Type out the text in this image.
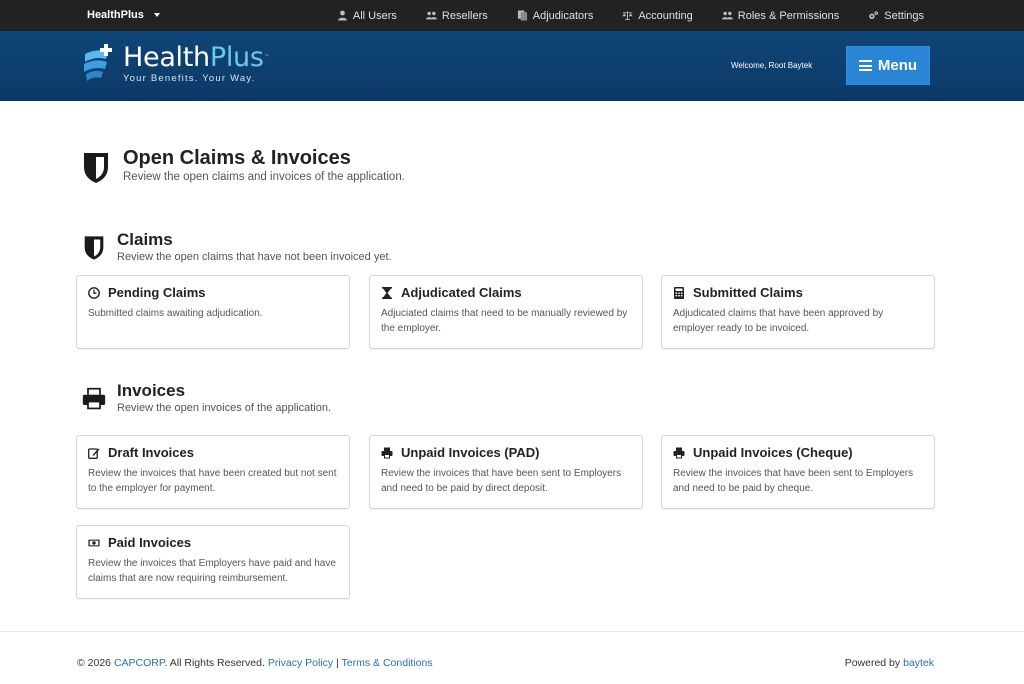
HealthPlus	All Users	Resellers	Adjudicators	Accounting	Roles & Permissions	Settings
HealthPlus™
Your Benefits. Your Way.
Welcome, Root Baytek	Menu
Open Claims & Invoices
Review the open claims and invoices of the application.
Claims
Review the open claims that have not been invoiced yet.
Pending Claims
Submitted claims awaiting adjudication.
Adjudicated Claims
Adjuciated claims that need to be manually reviewed by the employer.
Submitted Claims
Adjudicated claims that have been approved by employer ready to be invoiced.
Invoices
Review the open invoices of the application.
Draft Invoices
Review the invoices that have been created but not sent to the employer for payment.
Unpaid Invoices (PAD)
Review the invoices that have been sent to Employers and need to be paid by direct deposit.
Unpaid Invoices (Cheque)
Review the invoices that have been sent to Employers and need to be paid by cheque.
Paid Invoices
Review the invoices that Employers have paid and have claims that are now requiring reimbursement.
© 2026 CAPCORP. All Rights Reserved. Privacy Policy | Terms & Conditions	Powered by baytek
